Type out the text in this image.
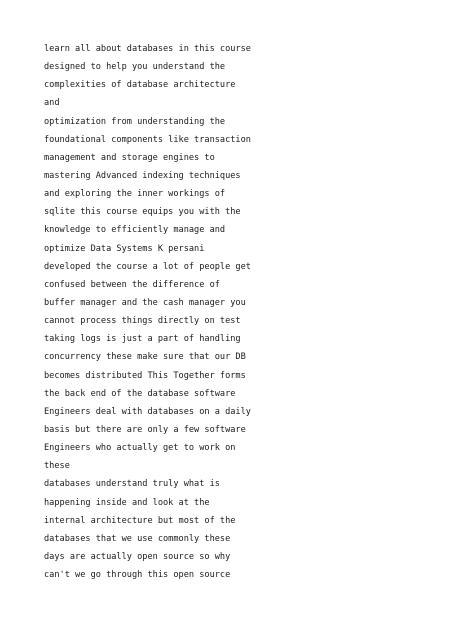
learn all about databases in this course
designed to help you understand the
complexities of database architecture
and
optimization from understanding the
foundational components like transaction
management and storage engines to
mastering Advanced indexing techniques
and exploring the inner workings of
sqlite this course equips you with the
knowledge to efficiently manage and
optimize Data Systems K persani
developed the course a lot of people get
confused between the difference of
buffer manager and the cash manager you
cannot process things directly on test
taking logs is just a part of handling
concurrency these make sure that our DB
becomes distributed This Together forms
the back end of the database software
Engineers deal with databases on a daily
basis but there are only a few software
Engineers who actually get to work on
these
databases understand truly what is
happening inside and look at the
internal architecture but most of the
databases that we use commonly these
days are actually open source so why
can't we go through this open source
